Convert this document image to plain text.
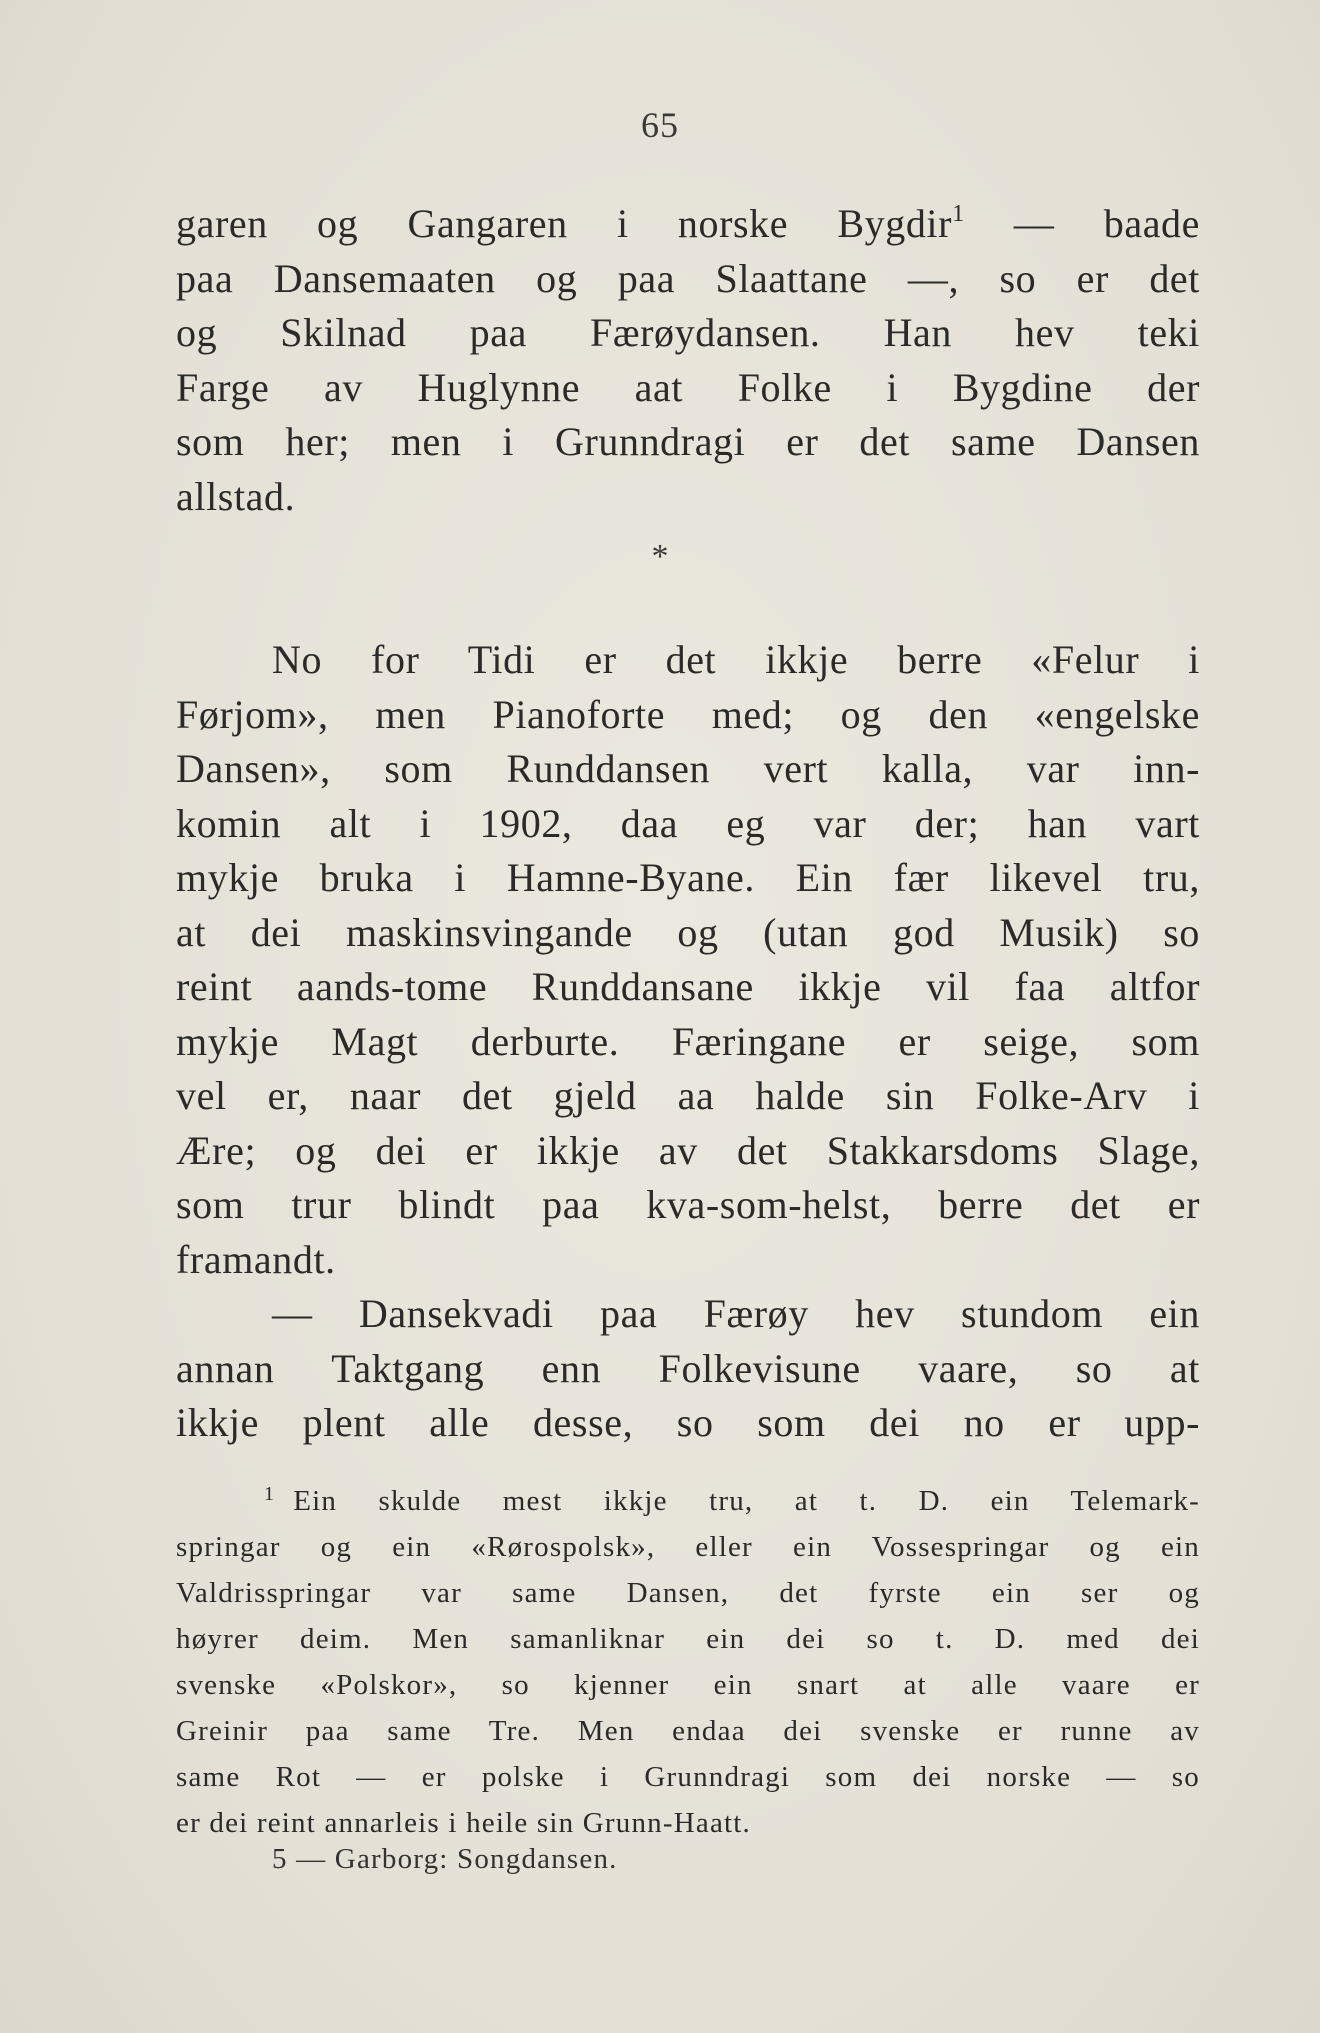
65
garen og Gangaren i norske Bygdir$^1$ — baade
paa Dansemaaten og paa Slaattane —, so er det
og Skilnad paa Færøydansen. Han hev teki
Farge av Huglynne aat Folke i Bygdine der
som her; men i Grunndragi er det same Dansen
allstad.
*
No for Tidi er det ikkje berre «Felur i
Førjom», men Pianoforte med; og den «engelske
Dansen», som Runddansen vert kalla, var inn-
komin alt i 1902, daa eg var der; han vart
mykje bruka i Hamne-Byane. Ein fær likevel tru,
at dei maskinsvingande og (utan god Musik) so
reint aands-tome Runddansane ikkje vil faa altfor
mykje Magt derburte. Færingane er seige, som
vel er, naar det gjeld aa halde sin Folke-Arv i
Ære; og dei er ikkje av det Stakkarsdoms Slage,
som trur blindt paa kva-som-helst, berre det er
framandt.
— Dansekvadi paa Færøy hev stundom ein
annan Taktgang enn Folkevisune vaare, so at
ikkje plent alle desse, so som dei no er upp-
$^1$ Ein skulde mest ikkje tru, at t. D. ein Telemark-
springar og ein «Rørospolsk», eller ein Vossespringar og ein
Valdrisspringar var same Dansen, det fyrste ein ser og
høyrer deim. Men samanliknar ein dei so t. D. med dei
svenske «Polskor», so kjenner ein snart at alle vaare er
Greinir paa same Tre. Men endaa dei svenske er runne av
same Rot — er polske i Grunndragi som dei norske — so
er dei reint annarleis i heile sin Grunn-Haatt.
5 — Garborg: Songdansen.
